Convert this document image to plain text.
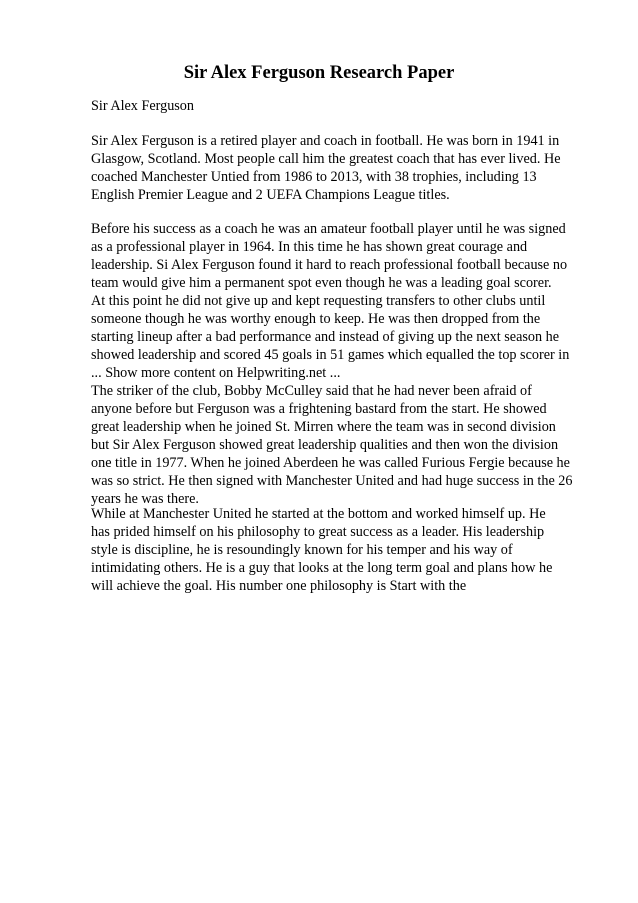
Sir Alex Ferguson Research Paper

Sir Alex Ferguson

Sir Alex Ferguson is a retired player and coach in football. He was born in 1941 in
Glasgow, Scotland. Most people call him the greatest coach that has ever lived. He
coached Manchester Untied from 1986 to 2013, with 38 trophies, including 13
English Premier League and 2 UEFA Champions League titles.

Before his success as a coach he was an amateur football player until he was signed
as a professional player in 1964. In this time he has shown great courage and
leadership. Si Alex Ferguson found it hard to reach professional football because no
team would give him a permanent spot even though he was a leading goal scorer.
At this point he did not give up and kept requesting transfers to other clubs until
someone though he was worthy enough to keep. He was then dropped from the
starting lineup after a bad performance and instead of giving up the next season he
showed leadership and scored 45 goals in 51 games which equalled the top scorer in
... Show more content on Helpwriting.net ...
The striker of the club, Bobby McCulley said that he had never been afraid of
anyone before but Ferguson was a frightening bastard from the start. He showed
great leadership when he joined St. Mirren where the team was in second division
but Sir Alex Ferguson showed great leadership qualities and then won the division
one title in 1977. When he joined Aberdeen he was called Furious Fergie because he
was so strict. He then signed with Manchester United and had huge success in the 26
years he was there.

While at Manchester United he started at the bottom and worked himself up. He
has prided himself on his philosophy to great success as a leader. His leadership
style is discipline, he is resoundingly known for his temper and his way of
intimidating others. He is a guy that looks at the long term goal and plans how he
will achieve the goal. His number one philosophy is Start with the
